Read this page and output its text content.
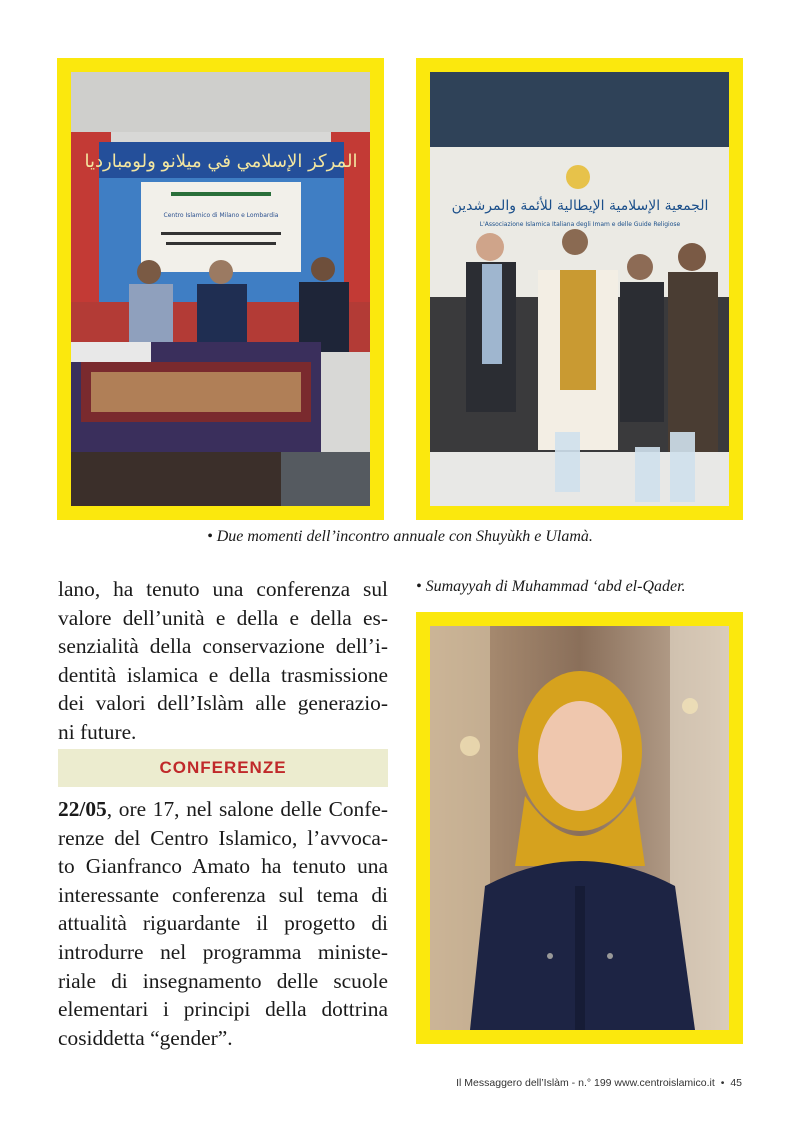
المركز الإسلامي في ميلانو ولومبارديا
Centro Islamico di Milano e Lombardia
الجمعية الإسلامية الإيطالية للأئمة والمرشدين
L'Associazione Islamica Italiana degli Imam e delle Guide Religiose
• Due momenti dell’incontro annuale con Shuyùkh e Ulamà.
• Sumayyah di Muhammad ‘abd el-Qader.
lano, ha tenuto una conferenza sul
valore dell’unità e della e della es-
senzialità della conservazione dell’i-
dentità islamica e della trasmissione
dei valori dell’Islàm alle generazio-
ni future.
CONFERENZE
22/05, ore 17, nel salone delle Confe-
renze del Centro Islamico, l’avvoca-
to Gianfranco Amato ha tenuto una
interessante conferenza sul tema di
attualità riguardante il progetto di
introdurre nel programma ministe-
riale di insegnamento delle scuole
elementari i principi della dottrina
cosiddetta “gender”.
Il Messaggero dell’Islàm - n.° 199 www.centroislamico.it • 45
